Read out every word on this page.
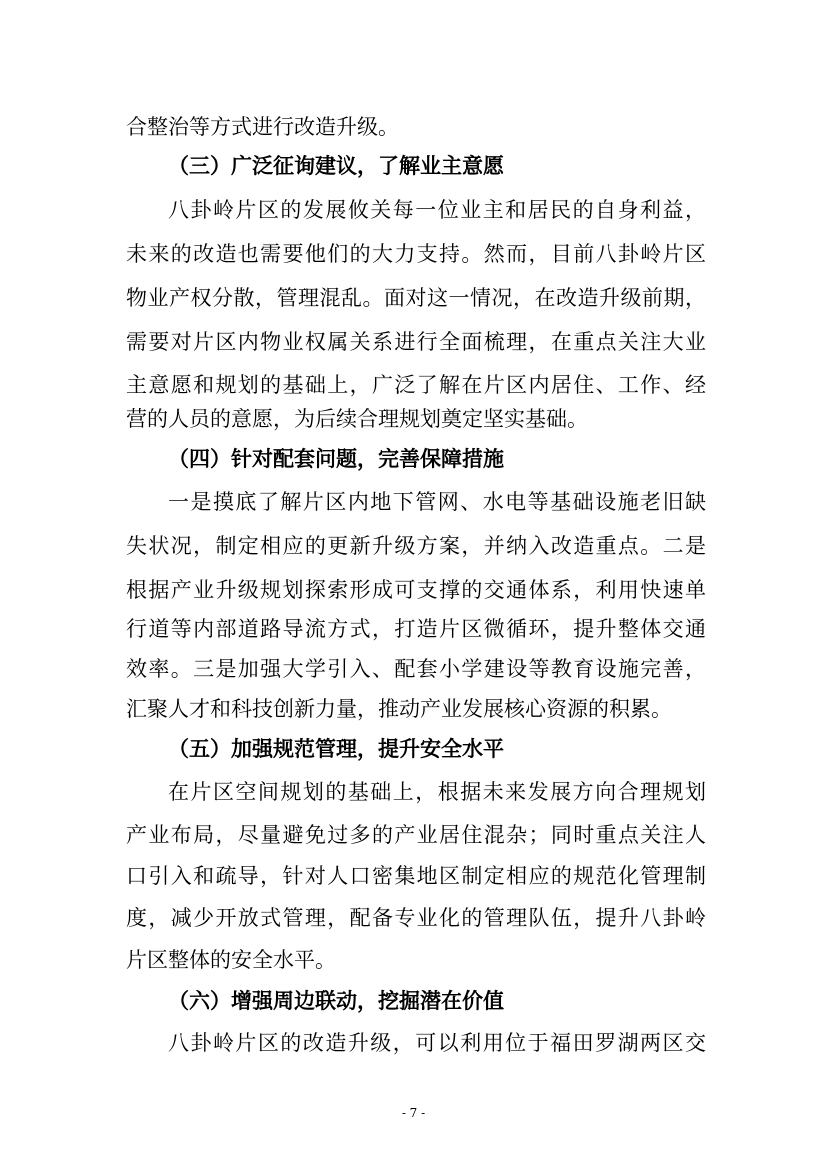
合整治等方式进行改造升级。
（三）广泛征询建议，了解业主意愿
八卦岭片区的发展攸关每一位业主和居民的自身利益，
未来的改造也需要他们的大力支持。然而，目前八卦岭片区
物业产权分散，管理混乱。面对这一情况，在改造升级前期，
需要对片区内物业权属关系进行全面梳理，在重点关注大业
主意愿和规划的基础上，广泛了解在片区内居住、工作、经
营的人员的意愿，为后续合理规划奠定坚实基础。
（四）针对配套问题，完善保障措施
一是摸底了解片区内地下管网、水电等基础设施老旧缺
失状况，制定相应的更新升级方案，并纳入改造重点。二是
根据产业升级规划探索形成可支撑的交通体系，利用快速单
行道等内部道路导流方式，打造片区微循环，提升整体交通
效率。三是加强大学引入、配套小学建设等教育设施完善，
汇聚人才和科技创新力量，推动产业发展核心资源的积累。
（五）加强规范管理，提升安全水平
在片区空间规划的基础上，根据未来发展方向合理规划
产业布局，尽量避免过多的产业居住混杂；同时重点关注人
口引入和疏导，针对人口密集地区制定相应的规范化管理制
度，减少开放式管理，配备专业化的管理队伍，提升八卦岭
片区整体的安全水平。
（六）增强周边联动，挖掘潜在价值
八卦岭片区的改造升级，可以利用位于福田罗湖两区交
- 7 -
